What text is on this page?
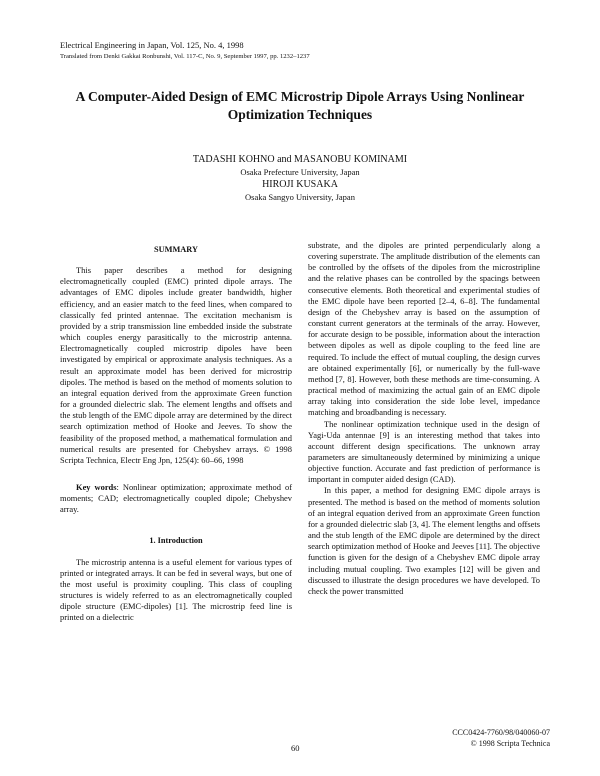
Electrical Engineering in Japan, Vol. 125, No. 4, 1998
Translated from Denki Gakkai Ronbunshi, Vol. 117-C, No. 9, September 1997, pp. 1232–1237
A Computer-Aided Design of EMC Microstrip Dipole Arrays Using Nonlinear Optimization Techniques
TADASHI KOHNO and MASANOBU KOMINAMI
Osaka Prefecture University, Japan
HIROJI KUSAKA
Osaka Sangyo University, Japan
SUMMARY

This paper describes a method for designing electromagnetically coupled (EMC) printed dipole arrays. The advantages of EMC dipoles include greater bandwidth, higher efficiency, and an easier match to the feed lines, when compared to classically fed printed antennae. The excitation mechanism is provided by a strip transmission line embedded inside the substrate which couples energy parasitically to the microstrip antenna. Electromagnetically coupled microstrip dipoles have been investigated by empirical or approximate analysis techniques. As a result an approximate model has been derived for microstrip dipoles. The method is based on the method of moments solution to an integral equation derived from the approximate Green function for a grounded dielectric slab. The element lengths and offsets and the stub length of the EMC dipole array are determined by the direct search optimization method of Hooke and Jeeves. To show the feasibility of the proposed method, a mathematical formulation and numerical results are presented for Chebyshev arrays. © 1998 Scripta Technica, Electr Eng Jpn, 125(4): 60–66, 1998

Key words: Nonlinear optimization; approximate method of moments; CAD; electromagnetically coupled dipole; Chebyshev array.
1. Introduction

The microstrip antenna is a useful element for various types of printed or integrated arrays. It can be fed in several ways, but one of the most useful is proximity coupling. This class of coupling structures is widely referred to as an electromagnetically coupled dipole structure (EMC-dipoles) [1]. The microstrip feed line is printed on a dielectric

substrate, and the dipoles are printed perpendicularly along a covering superstrate. The amplitude distribution of the elements can be controlled by the offsets of the dipoles from the microstripline and the relative phases can be controlled by the spacings between consecutive elements. Both theoretical and experimental studies of the EMC dipole have been reported [2–4, 6–8]. The fundamental design of the Chebyshev array is based on the assumption of constant current generators at the terminals of the array. However, for accurate design to be possible, information about the interaction between dipoles as well as dipole coupling to the feed line are required. To include the effect of mutual coupling, the design curves are obtained experimentally [6], or numerically by the full-wave method [7, 8]. However, both these methods are time-consuming. A practical method of maximizing the actual gain of an EMC dipole array taking into consideration the side lobe level, impedance matching and broadbanding is necessary.

The nonlinear optimization technique used in the design of Yagi-Uda antennae [9] is an interesting method that takes into account different design specifications. The unknown array parameters are simultaneously determined by minimizing a unique objective function. Accurate and fast prediction of performance is important in computer aided design (CAD).

In this paper, a method for designing EMC dipole arrays is presented. The method is based on the method of moments solution of an integral equation derived from an approximate Green function for a grounded dielectric slab [3, 4]. The element lengths and offsets and the stub length of the EMC dipole are determined by the direct search optimization method of Hooke and Jeeves [11]. The objective function is given for the design of a Chebyshev EMC dipole array including mutual coupling. Two examples [12] will be given and discussed to illustrate the design procedures we have developed. To check the power transmitted

CCC0424-7760/98/040060-07
© 1998 Scripta Technica
60
